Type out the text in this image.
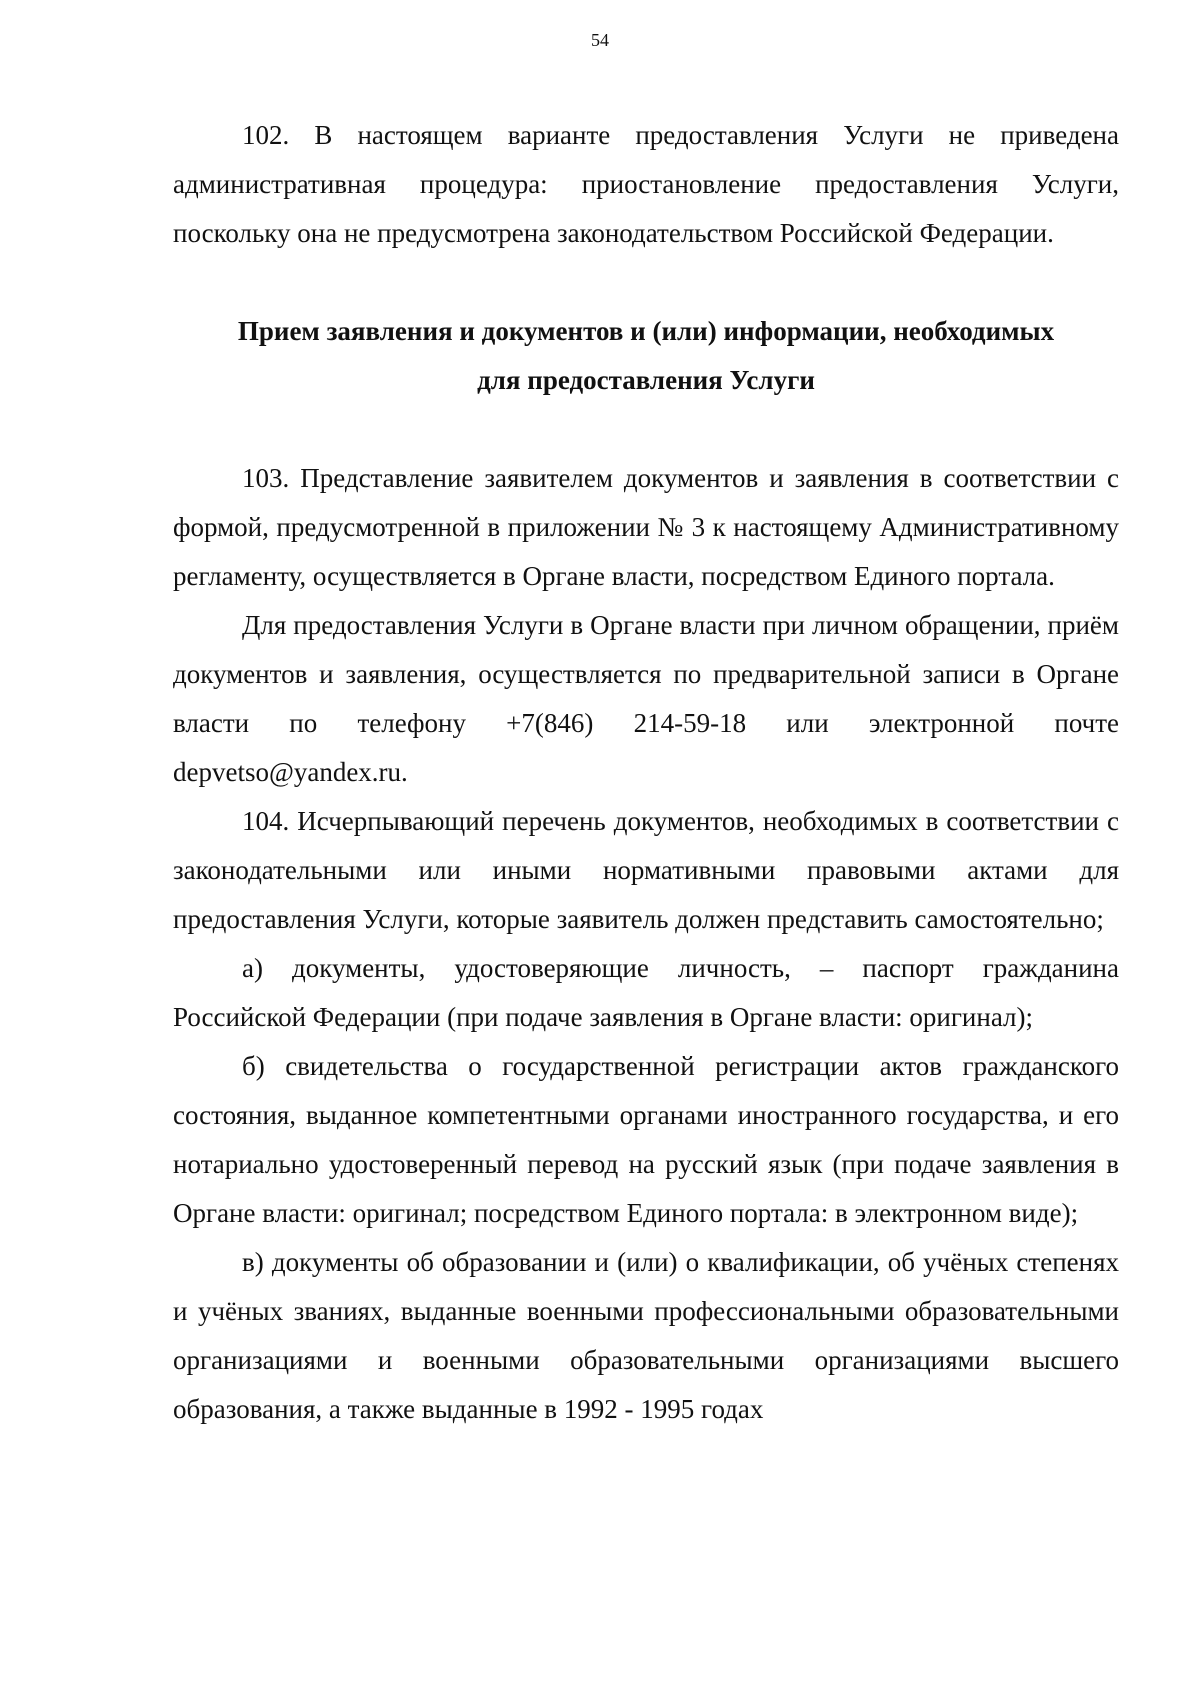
54

102. В настоящем варианте предоставления Услуги не приведена административная процедура: приостановление предоставления Услуги, поскольку она не предусмотрена законодательством Российской Федерации.

Прием заявления и документов и (или) информации, необходимых

для предоставления Услуги

103. Представление заявителем документов и заявления в соответствии с формой, предусмотренной в приложении № 3 к настоящему Административному регламенту, осуществляется в Органе власти, посредством Единого портала.

Для предоставления Услуги в Органе власти при личном обращении, приём документов и заявления, осуществляется по предварительной записи в Органе власти по телефону +7(846) 214-59-18 или электронной почте depvetso@yandex.ru.

104. Исчерпывающий перечень документов, необходимых в соответствии с законодательными или иными нормативными правовыми актами для предоставления Услуги, которые заявитель должен представить самостоятельно;

а) документы, удостоверяющие личность, – паспорт гражданина Российской Федерации (при подаче заявления в Органе власти: оригинал);

б) свидетельства о государственной регистрации актов гражданского состояния, выданное компетентными органами иностранного государства, и его нотариально удостоверенный перевод на русский язык (при подаче заявления в Органе власти: оригинал; посредством Единого портала: в электронном виде);

в) документы об образовании и (или) о квалификации, об учёных степенях и учёных званиях, выданные военными профессиональными образовательными организациями и военными образовательными организациями высшего образования, а также выданные в 1992 - 1995 годах
